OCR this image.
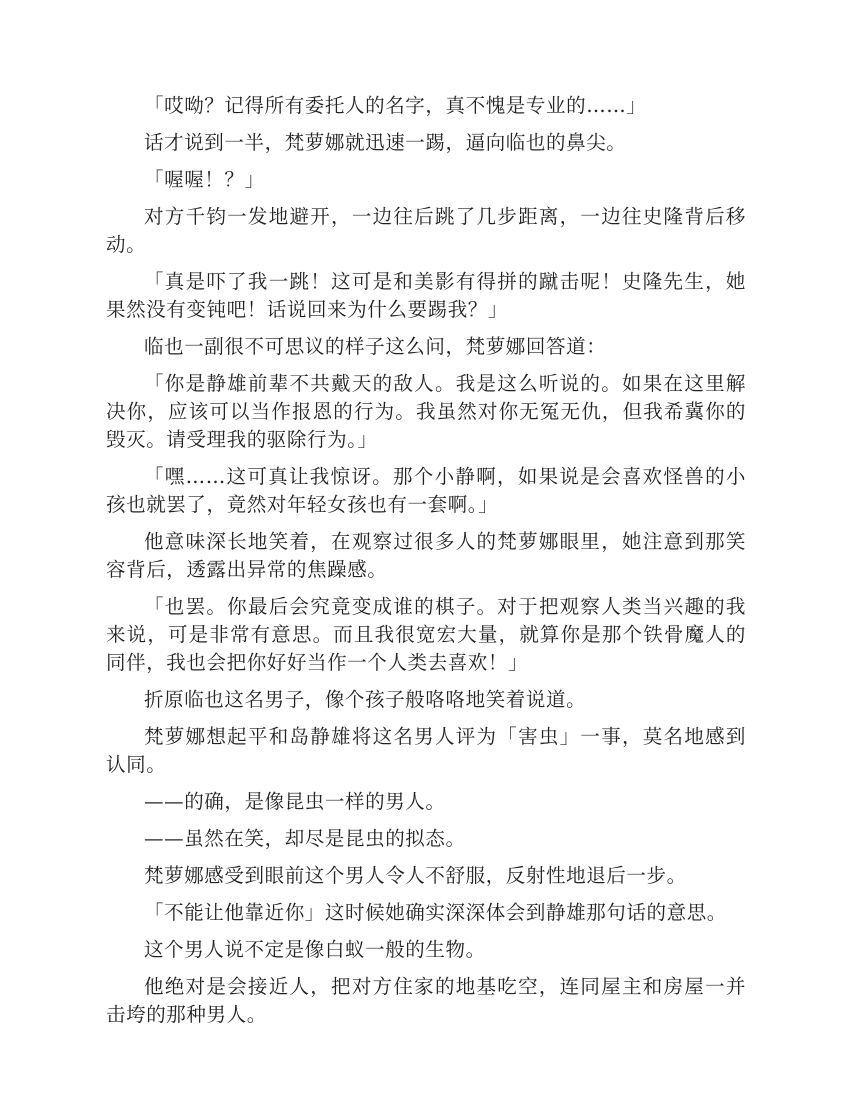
「哎呦？记得所有委托人的名字，真不愧是专业的……」

话才说到一半，梵萝娜就迅速一踢，逼向临也的鼻尖。

「喔喔！？」

对方千钧一发地避开，一边往后跳了几步距离，一边往史隆背后移动。

「真是吓了我一跳！这可是和美影有得拼的蹴击呢！史隆先生，她果然没有变钝吧！话说回来为什么要踢我？」

临也一副很不可思议的样子这么问，梵萝娜回答道：

「你是静雄前辈不共戴天的敌人。我是这么听说的。如果在这里解决你，应该可以当作报恩的行为。我虽然对你无冤无仇，但我希冀你的毁灭。请受理我的驱除行为。」

「嘿……这可真让我惊讶。那个小静啊，如果说是会喜欢怪兽的小孩也就罢了，竟然对年轻女孩也有一套啊。」

他意味深长地笑着，在观察过很多人的梵萝娜眼里，她注意到那笑容背后，透露出异常的焦躁感。

「也罢。你最后会究竟变成谁的棋子。对于把观察人类当兴趣的我来说，可是非常有意思。而且我很宽宏大量，就算你是那个铁骨魔人的同伴，我也会把你好好当作一个人类去喜欢！」

折原临也这名男子，像个孩子般咯咯地笑着说道。

梵萝娜想起平和岛静雄将这名男人评为「害虫」一事，莫名地感到认同。

——的确，是像昆虫一样的男人。

——虽然在笑，却尽是昆虫的拟态。

梵萝娜感受到眼前这个男人令人不舒服，反射性地退后一步。

「不能让他靠近你」这时候她确实深深体会到静雄那句话的意思。

这个男人说不定是像白蚁一般的生物。

他绝对是会接近人，把对方住家的地基吃空，连同屋主和房屋一并击垮的那种男人。
